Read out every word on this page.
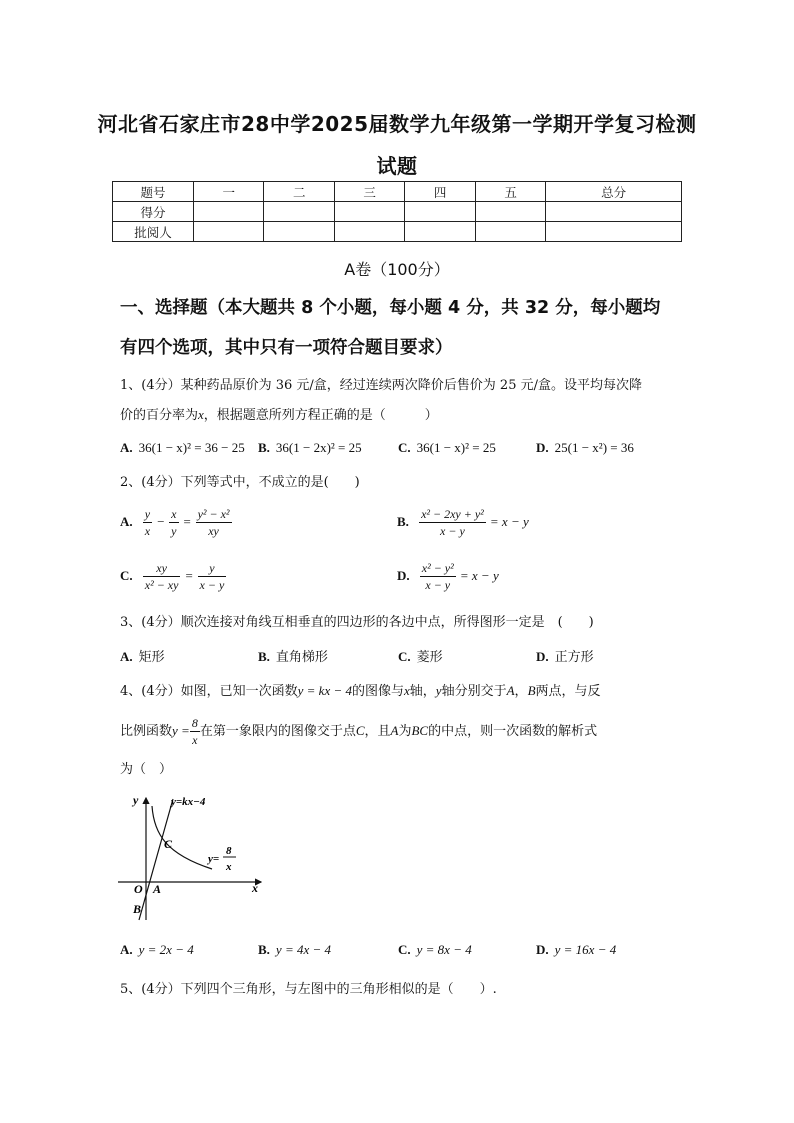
河北省石家庄市28中学2025届数学九年级第一学期开学复习检测
试题
题号	一	二	三	四	五	总分
得分						
批阅人						
A卷（100分）
一、选择题（本大题共 8 个小题，每小题 4 分，共 32 分，每小题均
有四个选项，其中只有一项符合题目要求）
1、(4分）某种药品原价为 36 元/盒，经过连续两次降价后售价为 25 元/盒。设平均每次降
价的百分率为x，根据题意所列方程正确的是（　　　）
A. 36(1 − x)² = 36 − 25 B. 36(1 − 2x)² = 25	C. 36(1 − x)² = 25	D. 25(1 − x²) = 36
2、(4分）下列等式中，不成立的是(　　)
A. $\frac{y}{x} - \frac{x}{y} = \frac{\text{y² − x²}}{xy}$	B. $\frac{\text{x² − 2xy + y²}}{x - y} = x - y$
C. $\frac{xy}{\text{x² − xy}} = \frac{y}{x - y}$	D. $\frac{\text{x² − y²}}{x - y} = x - y$
3、(4分）顺次连接对角线互相垂直的四边形的各边中点，所得图形一定是　(　　)
A. 矩形	B. 直角梯形	C. 菱形	D. 正方形
4、(4分）如图，已知一次函数y = kx − 4的图像与x轴，y轴分别交于A，B两点，与反
比例函数$y = \frac{8}{x}$ 在第一象限内的图像交于点C，且A为BC的中点，则一次函数的解析式
为（　）
y
x
O A
B
C
y=kx−4
y=
8
x
A. y = 2x − 4	B. y = 4x − 4	C. y = 8x − 4	D. y = 16x − 4
5、(4分）下列四个三角形，与左图中的三角形相似的是（　　）.
